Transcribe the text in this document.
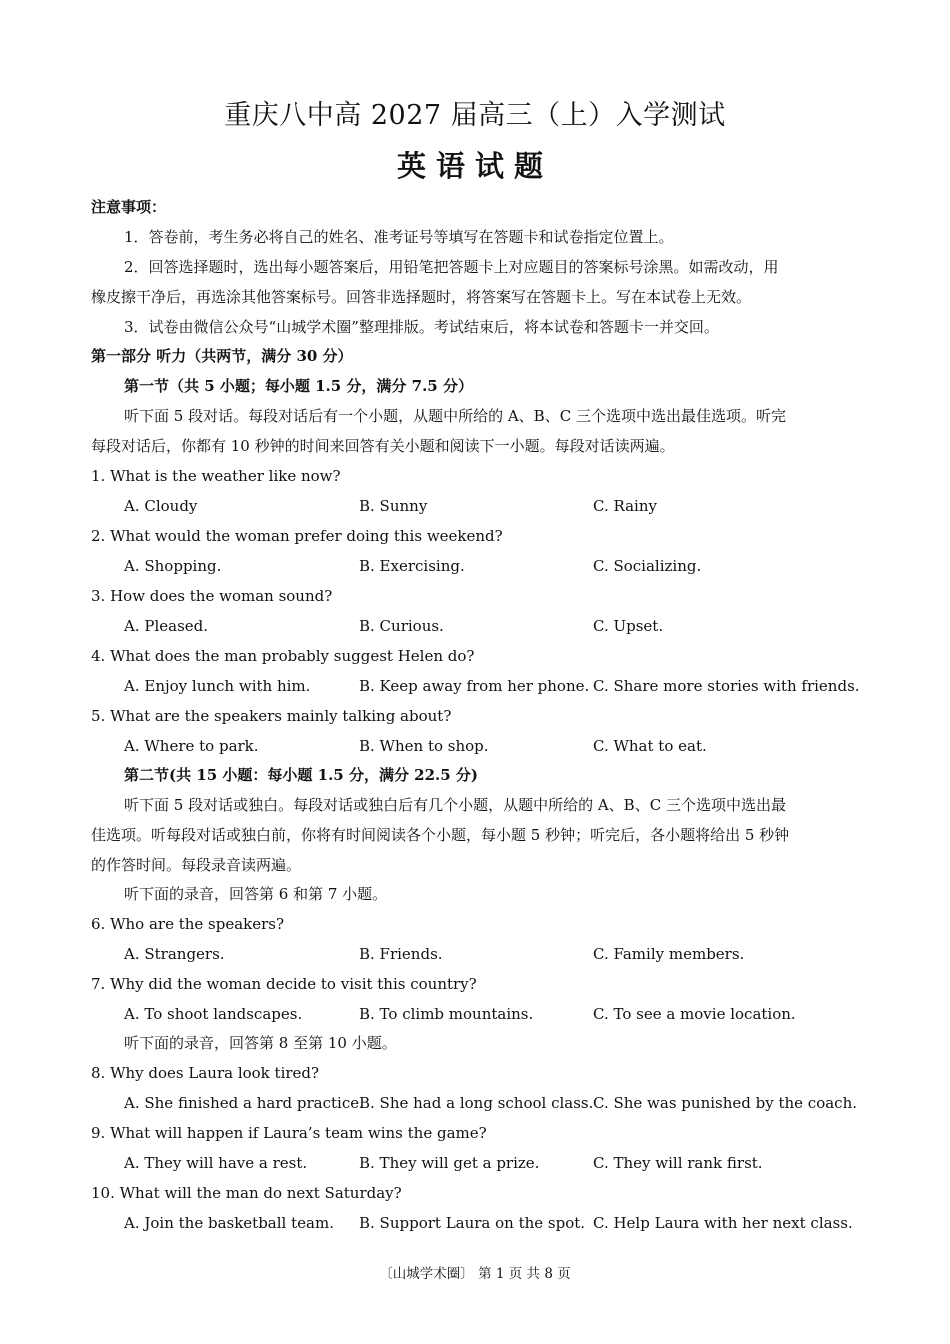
重庆八中高 2027 届高三（上）入学测试
英语试题
注意事项：
1．答卷前，考生务必将自己的姓名、准考证号等填写在答题卡和试卷指定位置上。
2．回答选择题时，选出每小题答案后，用铅笔把答题卡上对应题目的答案标号涂黑。如需改动，用
橡皮擦干净后，再选涂其他答案标号。回答非选择题时，将答案写在答题卡上。写在本试卷上无效。
3．试卷由微信公众号“山城学术圈”整理排版。考试结束后，将本试卷和答题卡一并交回。
第一部分 听力（共两节，满分 30 分）
第一节（共 5 小题；每小题 1.5 分，满分 7.5 分）
听下面 5 段对话。每段对话后有一个小题，从题中所给的 A、B、C 三个选项中选出最佳选项。听完
每段对话后，你都有 10 秒钟的时间来回答有关小题和阅读下一小题。每段对话读两遍。
1. What is the weather like now?
A. Cloudy	B. Sunny	C. Rainy
2. What would the woman prefer doing this weekend?
A. Shopping.	B. Exercising.	C. Socializing.
3. How does the woman sound?
A. Pleased.	B. Curious.	C. Upset.
4. What does the man probably suggest Helen do?
A. Enjoy lunch with him.	B. Keep away from her phone. C. Share more stories with friends.
5. What are the speakers mainly talking about?
A. Where to park.	B. When to shop.	C. What to eat.
第二节(共 15 小题：每小题 1.5 分，满分 22.5 分)
听下面 5 段对话或独白。每段对话或独白后有几个小题，从题中所给的 A、B、C 三个选项中选出最
佳选项。听每段对话或独白前，你将有时间阅读各个小题，每小题 5 秒钟；听完后，各小题将给出 5 秒钟
的作答时间。每段录音读两遍。
听下面的录音，回答第 6 和第 7 小题。
6. Who are the speakers?
A. Strangers.	B. Friends.	C. Family members.
7. Why did the woman decide to visit this country?
A. To shoot landscapes.	B. To climb mountains.	C. To see a movie location.
听下面的录音，回答第 8 至第 10 小题。
8. Why does Laura look tired?
A. She finished a hard practice.
B. She had a long school class. C. She was punished by the coach.
9. What will happen if Laura’s team wins the game?
A. They will have a rest.	B. They will get a prize.	C. They will rank first.
10. What will the man do next Saturday?
A. Join the basketball team. B. Support Laura on the spot. C. Help Laura with her next class.
〔山城学术圈〕 第 1 页 共 8 页
